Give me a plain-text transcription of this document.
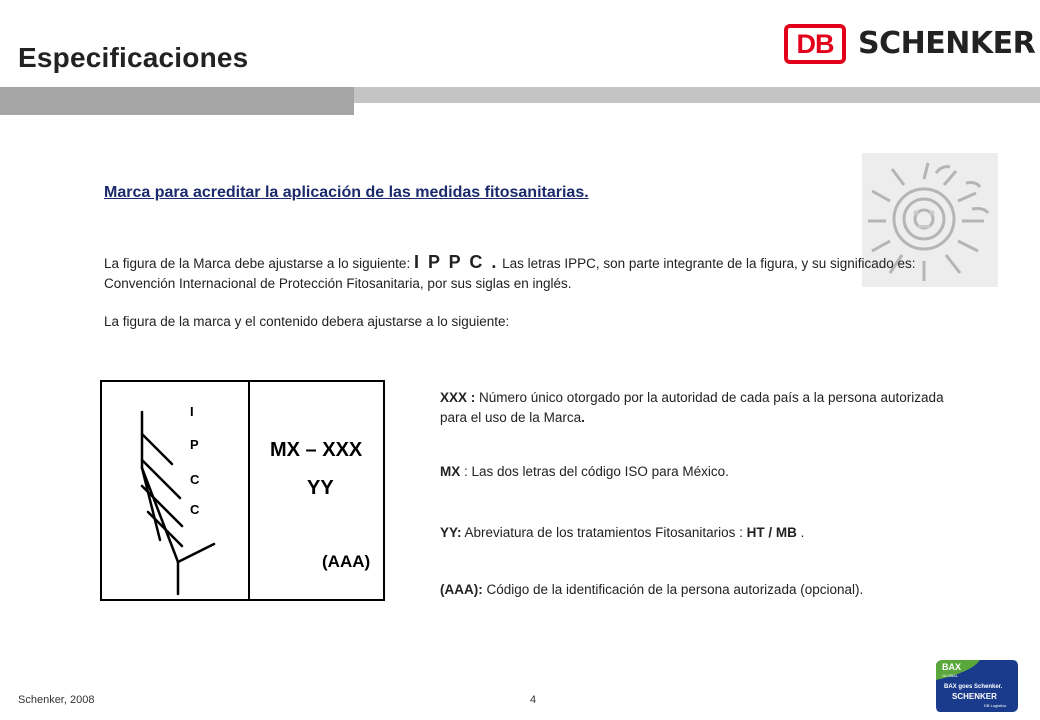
Especificaciones	DB SCHENKER
Marca para acreditar la aplicación de las medidas fitosanitarias.
La figura de la Marca debe ajustarse a lo siguiente: I P P C . Las letras IPPC, son parte integrante de la figura, y su significado es: Convención Internacional de Protección Fitosanitaria, por sus siglas en inglés.
La figura de la marca y el contenido debera ajustarse a lo siguiente:
I
P
C
C
MX – XXX
YY
(AAA)
XXX : Número único otorgado por la autoridad de cada país a la persona autorizada para el uso de la Marca.
MX : Las dos letras del código ISO para México.
YY: Abreviatura de los tratamientos Fitosanitarios : HT / MB .
(AAA): Código de la identificación de la persona autorizada (opcional).
Schenker, 2008	4
BAX
GLOBAL
BAX goes Schenker.
SCHENKER
DB Logistics
